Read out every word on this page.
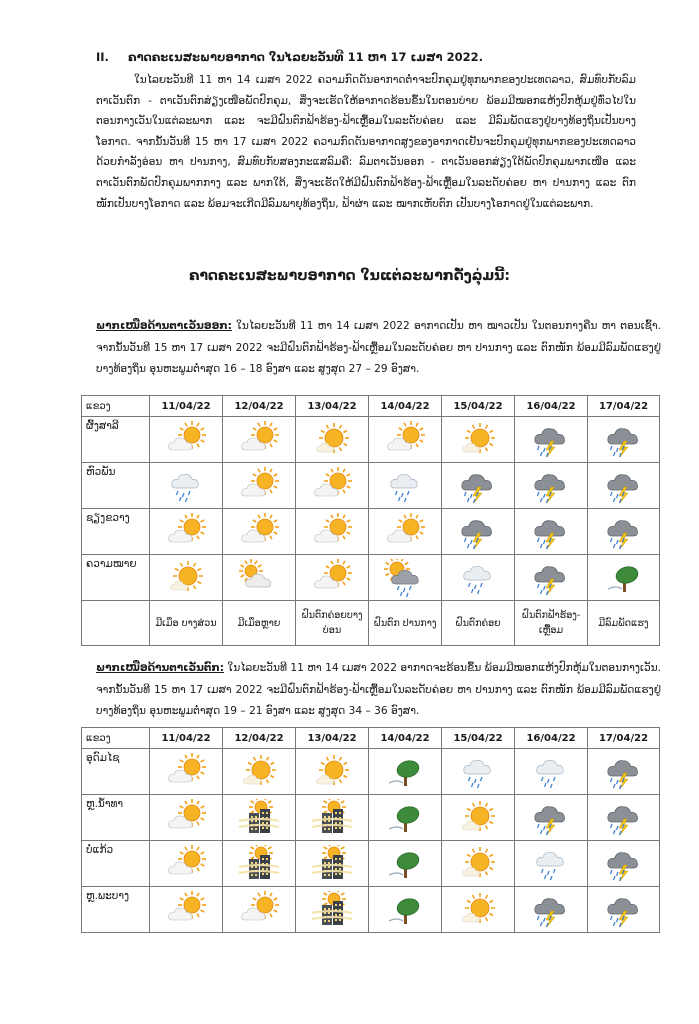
II. ຄາດຄະເນສະພາບອາກາດ ໃນໄລຍະວັນທີ 11 ຫາ 17 ເມສາ 2022.
ໃນໄລຍະວັນທີ 11 ຫາ 14 ເມສາ 2022 ຄວາມກົດດັນອາກາດຕໍ່າຈະປົກຄຸມຢູ່ທຸກພາກຂອງປະເທດລາວ, ສົມທົບກັບລົມຕາເວັນຕົກ - ຕາເວັນຕົກສ່ຽງເໜືອພັດປົກຄຸມ, ສິ່ງຈະເຮັດໃຫ້ອາກາດຮ້ອນຂຶ້ນໃນຕອນບ່າຍ ພ້ອມມີໝອກແຫ້ງປົກຫຸ້ມຢູ່ທົ່ວໄປໃນຕອນກາງເວັນໃນແຕ່ລະພາກ ແລະ ຈະມີຝົນຕົກຟ້າຮ້ອງ-ຟ້າເຫຼື້ອມໃນລະດັບຄ່ອຍ ແລະ ມີລົມພັດແຮງຢູ່ບາງທ້ອງຖິ່ນເປັນບາງໂອກາດ. ຈາກນັ້ນວັນທີ 15 ຫາ 17 ເມສາ 2022 ຄວາມກົດດັນອາກາດສູງຂອງອາກາດເຢັນຈະປົກຄຸມຢູ່ທຸກພາກຂອງປະເທດລາວດ້ວຍກຳລັງອ່ອນ ຫາ ປານກາງ, ສົມທົບກັບສອງກະແສລົມຄື: ລົມຕາເວັນອອກ - ຕາເວັນອອກສ່ຽງໃຕ້ພັດປົກຄຸມພາກເໜືອ ແລະ ຕາເວັນຕົກພັດປົກຄຸມພາກກາງ ແລະ ພາກໃຕ້, ສິ່ງຈະເຮັດໃຫ້ມີຝົນຕົກຟ້າຮ້ອງ-ຟ້າເຫຼື້ອມໃນລະດັບຄ່ອຍ ຫາ ປານກາງ ແລະ ຕົກໜັກເປັນບາງໂອກາດ ແລະ ພ້ອມຈະເກີດມີລົມພາຍຸທ້ອງຖິ່ນ, ຟ້າຜ່າ ແລະ ໝາກເຫັບຕົກ ເປັນບາງໂອກາດຢູ່ໃນແຕ່ລະພາກ.
ຄາດຄະເນສະພາບອາກາດ ໃນແຕ່ລະພາກດັ່ງລຸ່ມນີ້:
ພາກເໜືອດ້ານຕາເວັນອອກ: ໃນໄລຍະວັນທີ 11 ຫາ 14 ເມສາ 2022 ອາກາດເປັນ ຫາ ໝາວເປັນ ໃນຕອນກາງຄືນ ຫາ ຕອນເຊົ້າ. ຈາກນັ້ນວັນທີ 15 ຫາ 17 ເມສາ 2022 ຈະມີຝົນຕົກຟ້າຮ້ອງ-ຟ້າເຫຼື້ອມໃນລະດັບຄ່ອຍ ຫາ ປານກາງ ແລະ ຕົກໜັກ ພ້ອມມີລົມພັດແຮງຢູ່ບາງທ້ອງຖິ່ນ ອຸນຫະພູມຕໍ່າສຸດ 16 – 18 ອົງສາ ແລະ ສູງສຸດ 27 – 29 ອົງສາ.
ແຂວງ	11/04/22	12/04/22	13/04/22	14/04/22	15/04/22	16/04/22	17/04/22
ຜົ້ງສາລີ	

ຫົວພັນ	

ຊຽງຂວາງ	

ຄວາມໝາຍ	

	ມີເມຶອ ບາງສ່ວນ	ມີເມຶອຫຼາຍ	ຝົນຕົກຄ່ອຍບາງ ບ່ອນ	ຝົນຕົກ ປານກາງ	ຝົນຕົກຄ່ອຍ	ຝົນຕົກຟ້າຮ້ອງ- ເຫຼື້ອມ	ມີລົມພັດແຮງ
ພາກເໜືອດ້ານຕາເວັນຕົກ: ໃນໄລຍະວັນທີ 11 ຫາ 14 ເມສາ 2022 ອາກາດຈະຮ້ອນຂຶ້ນ ພ້ອມມີໝອກແຫ້ງປົກຫຸ້ມໃນຕອນກາງເວັນ. ຈາກນັ້ນວັນທີ 15 ຫາ 17 ເມສາ 2022 ຈະມີຝົນຕົກຟ້າຮ້ອງ-ຟ້າເຫຼື້ອມໃນລະດັບຄ່ອຍ ຫາ ປານກາງ ແລະ ຕົກໜັກ ພ້ອມມີລົມພັດແຮງຢູ່ບາງທ້ອງຖິ່ນ ອຸນຫະພູມຕໍ່າສຸດ 19 – 21 ອົງສາ ແລະ ສູງສຸດ 34 – 36 ອົງສາ.
ແຂວງ	11/04/22	12/04/22	13/04/22	14/04/22	15/04/22	16/04/22	17/04/22
ອຸດົມໄຊ	

ຫຼ.ນໍ້າທາ	

ບໍ່ແກ້ວ	

ຫຼ.ພະບາງ	
